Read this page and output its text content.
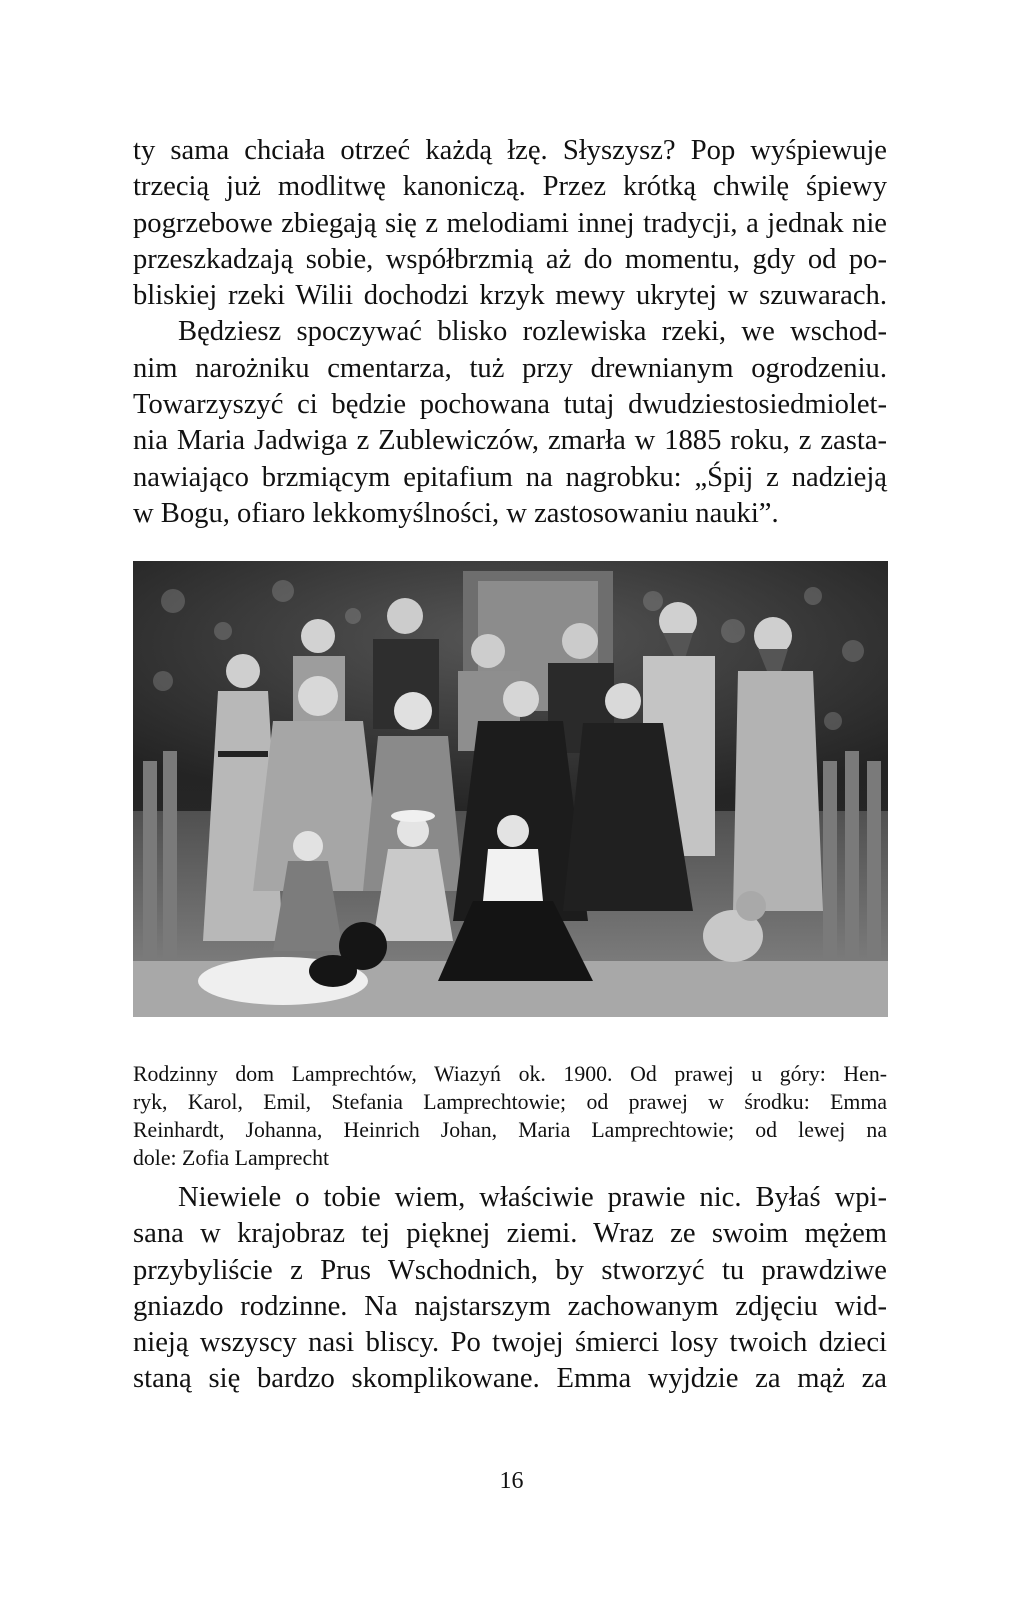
ty sama chciała otrzeć każdą łzę. Słyszysz? Pop wyśpiewuje
trzecią już modlitwę kanoniczą. Przez krótką chwilę śpiewy
pogrzebowe zbiegają się z melodiami innej tradycji, a jednak nie
przeszkadzają sobie, współbrzmią aż do momentu, gdy od po-
bliskiej rzeki Wilii dochodzi krzyk mewy ukrytej w szuwarach.
Będziesz spoczywać blisko rozlewiska rzeki, we wschod-
nim narożniku cmentarza, tuż przy drewnianym ogrodzeniu.
Towarzyszyć ci będzie pochowana tutaj dwudziestosiedmiolet-
nia Maria Jadwiga z Zublewiczów, zmarła w 1885 roku, z zasta-
nawiająco brzmiącym epitafium na nagrobku: „Śpij z nadzieją
w Bogu, ofiaro lekkomyślności, w zastosowaniu nauki”.
Rodzinny dom Lamprechtów, Wiazyń ok. 1900. Od prawej u góry: Hen-
ryk, Karol, Emil, Stefania Lamprechtowie; od prawej w środku: Emma
Reinhardt, Johanna, Heinrich Johan, Maria Lamprechtowie; od lewej na
dole: Zofia Lamprecht
Niewiele o tobie wiem, właściwie prawie nic. Byłaś wpi-
sana w krajobraz tej pięknej ziemi. Wraz ze swoim mężem
przybyliście z Prus Wschodnich, by stworzyć tu prawdziwe
gniazdo rodzinne. Na najstarszym zachowanym zdjęciu wid-
nieją wszyscy nasi bliscy. Po twojej śmierci losy twoich dzieci
staną się bardzo skomplikowane. Emma wyjdzie za mąż za
16
